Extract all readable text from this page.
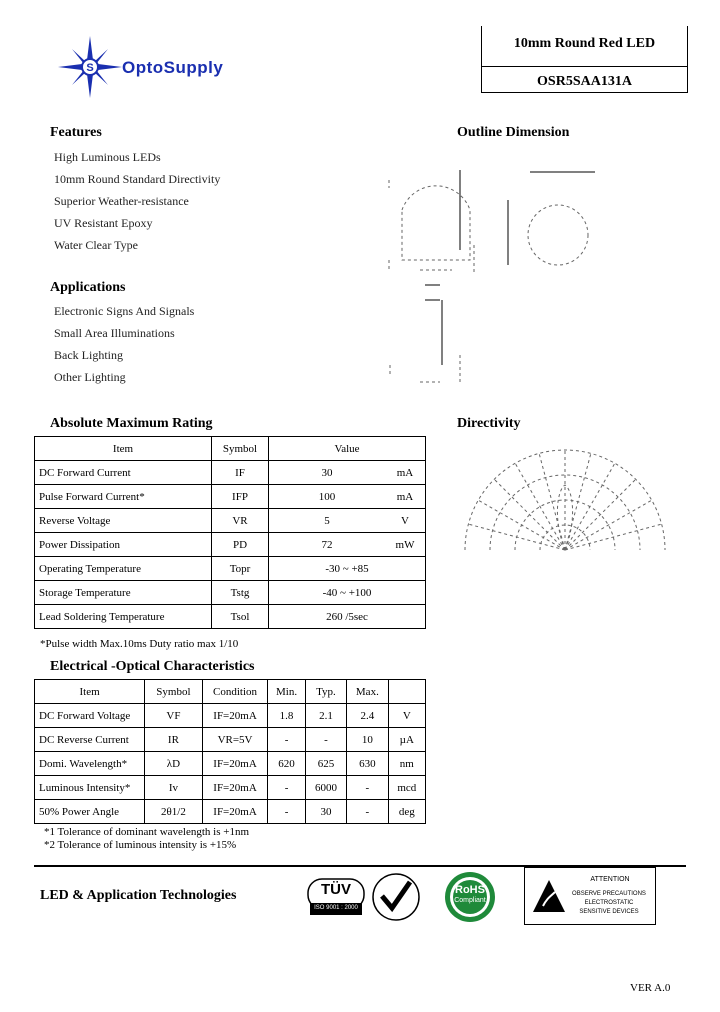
S OptoSupply
10mm Round Red LED
OSR5SAA131A
Features
High Luminous LEDs
10mm Round Standard Directivity
Superior Weather-resistance
UV Resistant Epoxy
Water Clear Type
Applications
Electronic Signs And Signals
Small Area Illuminations
Back Lighting
Other Lighting
Outline Dimension
Directivity
Absolute Maximum Rating
Item	Symbol	Value	
DC Forward Current	IF	30	mA
Pulse Forward Current*	IFP	100	mA
Reverse Voltage	VR	5	V
Power Dissipation	PD	72	mW
Operating Temperature	Topr	-30 ~ +85	
Storage Temperature	Tstg	-40 ~ +100	
Lead Soldering Temperature	Tsol	260 /5sec	
*Pulse width Max.10ms Duty ratio max 1/10
Electrical -Optical Characteristics
Item	Symbol	Condition	Min.	Typ.	Max.	
DC Forward Voltage	VF	IF=20mA	1.8	2.1	2.4	V
DC Reverse Current	IR	VR=5V	-	-	10	µA
Domi. Wavelength*	λD	IF=20mA	620	625	630	nm
Luminous Intensity*	Iv	IF=20mA	-	6000	-	mcd
50% Power Angle	2θ1/2	IF=20mA	-	30	-	deg
*1 Tolerance of dominant wavelength is +1nm
*2 Tolerance of luminous intensity is +15%
LED & Application Technologies	TÜV
ISO 9001 : 2000
RoHS
Compliant
ATTENTION
OBSERVE PRECAUTIONS
ELECTROSTATIC
SENSITIVE DEVICES
VER A.0
